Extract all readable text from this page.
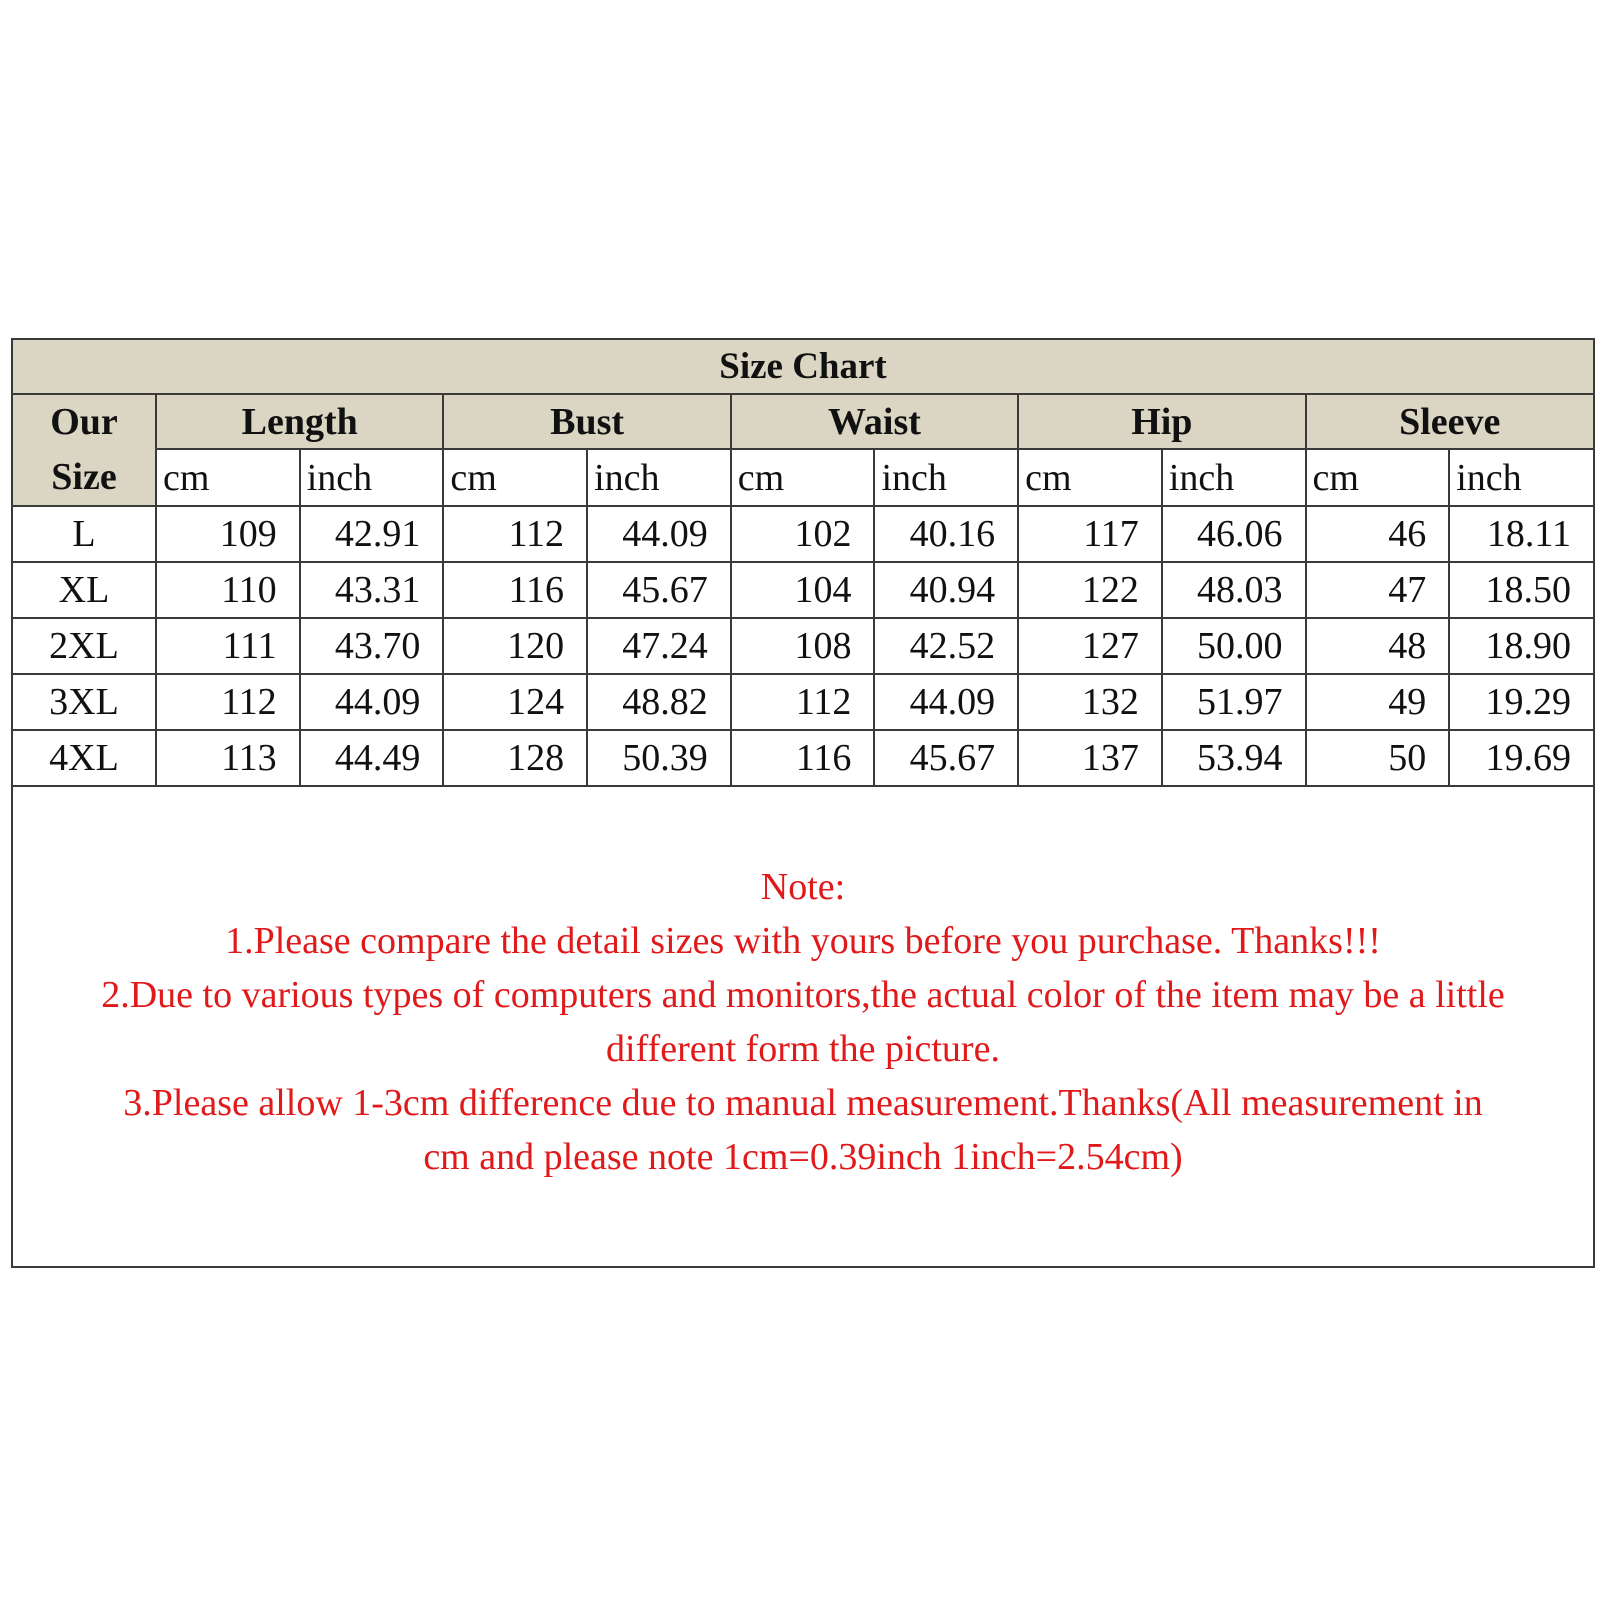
Size Chart										

Our
Size	Length		Bust		Waist		Hip		Sleeve	
	cm	inch	cm	inch	cm	inch	cm	inch	cm	inch
L	109	42.91	112	44.09	102	40.16	117	46.06	46	18.11
XL	110	43.31	116	45.67	104	40.94	122	48.03	47	18.50
2XL	111	43.70	120	47.24	108	42.52	127	50.00	48	18.90
3XL	112	44.09	124	48.82	112	44.09	132	51.97	49	19.29
4XL	113	44.49	128	50.39	116	45.67	137	53.94	50	19.69
Note:
1.Please compare the detail sizes with yours before you purchase. Thanks!!!
2.Due to various types of computers and monitors,the actual color of the item may be a little
different form the picture.
3.Please allow 1-3cm difference due to manual measurement.Thanks(All measurement in
cm and please note 1cm=0.39inch 1inch=2.54cm)
